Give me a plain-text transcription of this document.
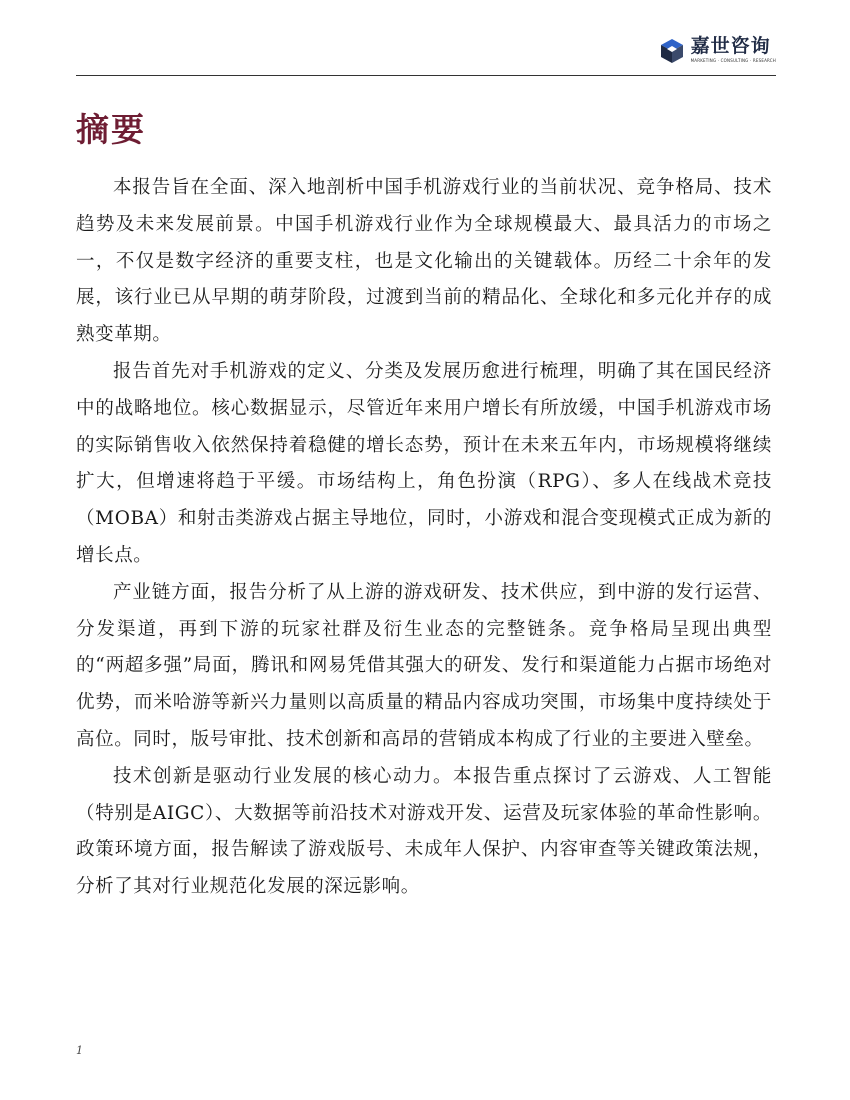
嘉世咨询
MARKETING · CONSULTING · RESEARCH
摘要

本报告旨在全面、深入地剖析中国手机游戏行业的当前状况、竞争格局、技术趋势及未来发展前景。中国手机游戏行业作为全球规模最大、最具活力的市场之一，不仅是数字经济的重要支柱，也是文化输出的关键载体。历经二十余年的发展，该行业已从早期的萌芽阶段，过渡到当前的精品化、全球化和多元化并存的成熟变革期。

报告首先对手机游戏的定义、分类及发展历愈进行梳理，明确了其在国民经济中的战略地位。核心数据显示，尽管近年来用户增长有所放缓，中国手机游戏市场的实际销售收入依然保持着稳健的增长态势，预计在未来五年内，市场规模将继续扩大，但增速将趋于平缓。市场结构上，角色扮演（RPG）、多人在线战术竞技（MOBA）和射击类游戏占据主导地位，同时，小游戏和混合变现模式正成为新的增长点。

产业链方面，报告分析了从上游的游戏研发、技术供应，到中游的发行运营、分发渠道，再到下游的玩家社群及衍生业态的完整链条。竞争格局呈现出典型的“两超多强”局面，腾讯和网易凭借其强大的研发、发行和渠道能力占据市场绝对优势，而米哈游等新兴力量则以高质量的精品内容成功突围，市场集中度持续处于高位。同时，版号审批、技术创新和高昂的营销成本构成了行业的主要进入壁垒。

技术创新是驱动行业发展的核心动力。本报告重点探讨了云游戏、人工智能（特别是AIGC）、大数据等前沿技术对游戏开发、运营及玩家体验的革命性影响。政策环境方面，报告解读了游戏版号、未成年人保护、内容审查等关键政策法规，分析了其对行业规范化发展的深远影响。

1
